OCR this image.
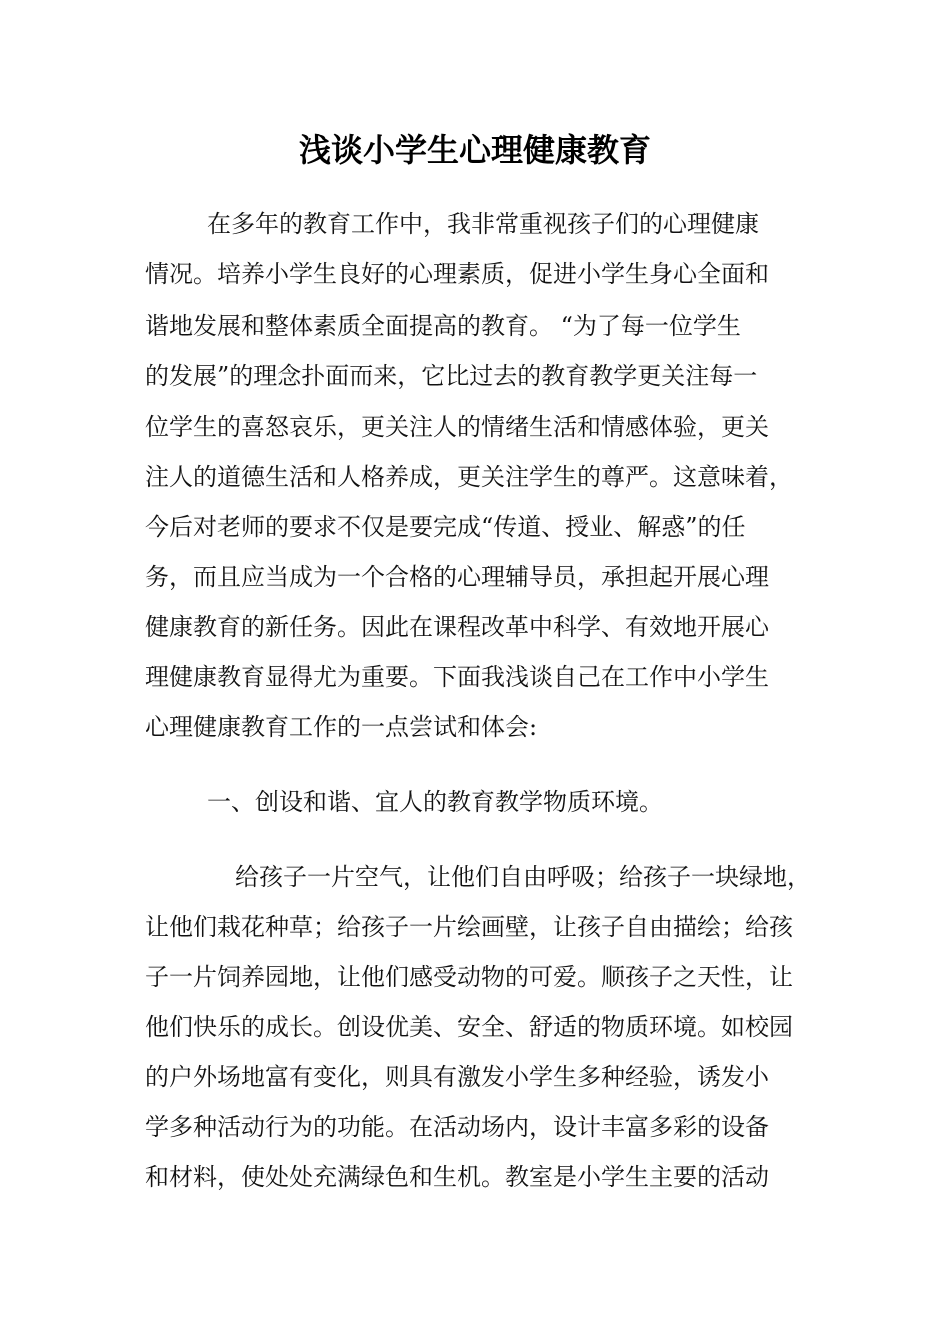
浅谈小学生心理健康教育

在多年的教育工作中，我非常重视孩子们的心理健康

情况。培养小学生良好的心理素质，促进小学生身心全面和

谐地发展和整体素质全面提高的教育。 “为了每一位学生

的发展”的理念扑面而来，它比过去的教育教学更关注每一

位学生的喜怒哀乐，更关注人的情绪生活和情感体验，更关

注人的道德生活和人格养成，更关注学生的尊严。这意味着，

今后对老师的要求不仅是要完成“传道、授业、解惑”的任

务，而且应当成为一个合格的心理辅导员，承担起开展心理

健康教育的新任务。因此在课程改革中科学、有效地开展心

理健康教育显得尤为重要。下面我浅谈自己在工作中小学生

心理健康教育工作的一点尝试和体会:

一、创设和谐、宜人的教育教学物质环境。

给孩子一片空气，让他们自由呼吸；给孩子一块绿地，

让他们栽花种草；给孩子一片绘画壁，让孩子自由描绘；给孩

子一片饲养园地，让他们感受动物的可爱。顺孩子之天性，让

他们快乐的成长。创设优美、安全、舒适的物质环境。如校园

的户外场地富有变化，则具有激发小学生多种经验，诱发小

学多种活动行为的功能。在活动场内，设计丰富多彩的设备

和材料，使处处充满绿色和生机。教室是小学生主要的活动
